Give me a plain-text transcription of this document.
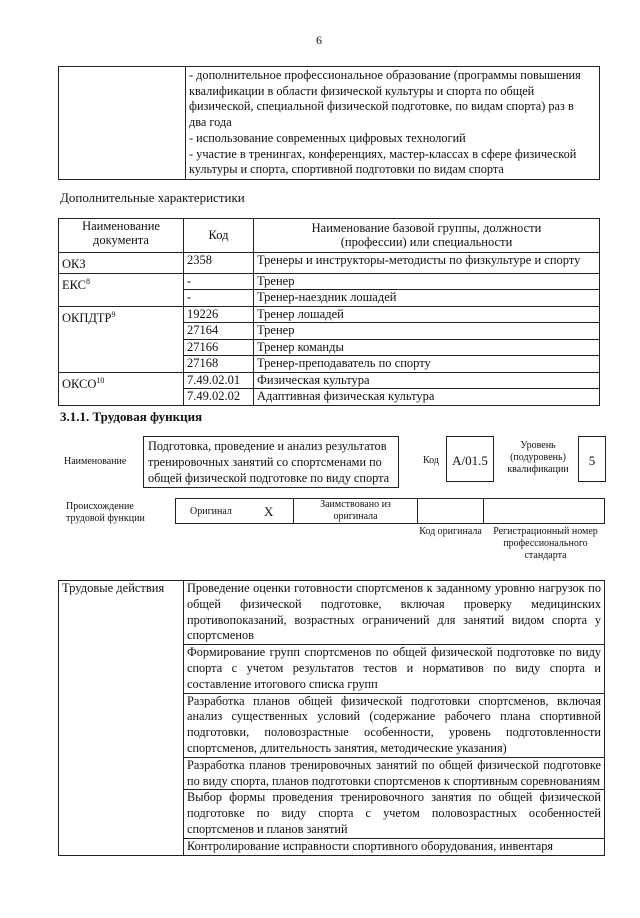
6

- дополнительное профессиональное образование (программы повышения
квалификации в области физической культуры и спорта по общей
физической, специальной физической подготовке, по видам спорта) раз в
два года
- использование современных цифровых технологий
- участие в тренингах, конференциях, мастер-классах в сфере физической
культуры и спорта, спортивной подготовки по видам спорта
Дополнительные характеристики
Наименование документа	Код	Наименование базовой группы, должности (профессии) или специальности
ОКЗ	2358	Тренеры и инструкторы-методисты по физкультуре и спорту
ЕКС$^8$	-	Тренер
	-	Тренер-наездник лошадей
ОКПДТР$^9$	19226	Тренер лошадей
	27164	Тренер
	27166	Тренер команды
	27168	Тренер-преподаватель по спорту
ОКСО$^{10}$	7.49.02.01	Физическая культура
	7.49.02.02	Адаптивная физическая культура
3.1.1. Трудовая функция
Наименование
Подготовка, проведение и анализ результатов тренировочных занятий со спортсменами по общей физической подготовке по виду спорта
Код	A/01.5
Уровень (подуровень) квалификации
5
Происхождение трудовой функции
Оригинал X	Заимствовано из оригинала
Код оригинала	Регистрационный номер профессионального стандарта
Трудовые действия	Проведение оценки готовности спортсменов к заданному уровню нагрузок по общей физической подготовке, включая проверку медицинских противопоказаний, возрастных ограничений для занятий видом спорта у спортсменов
Формирование групп спортсменов по общей физической подготовке по виду спорта с учетом результатов тестов и нормативов по виду спорта и составление итогового списка групп
Разработка планов общей физической подготовки спортсменов, включая анализ существенных условий (содержание рабочего плана спортивной подготовки, половозрастные особенности, уровень подготовленности спортсменов, длительность занятия, методические указания)
Разработка планов тренировочных занятий по общей физической подготовке по виду спорта, планов подготовки спортсменов к спортивным соревнованиям
Выбор формы проведения тренировочного занятия по общей физической подготовке по виду спорта с учетом половозрастных особенностей спортсменов и планов занятий
Контролирование исправности спортивного оборудования, инвентаря
